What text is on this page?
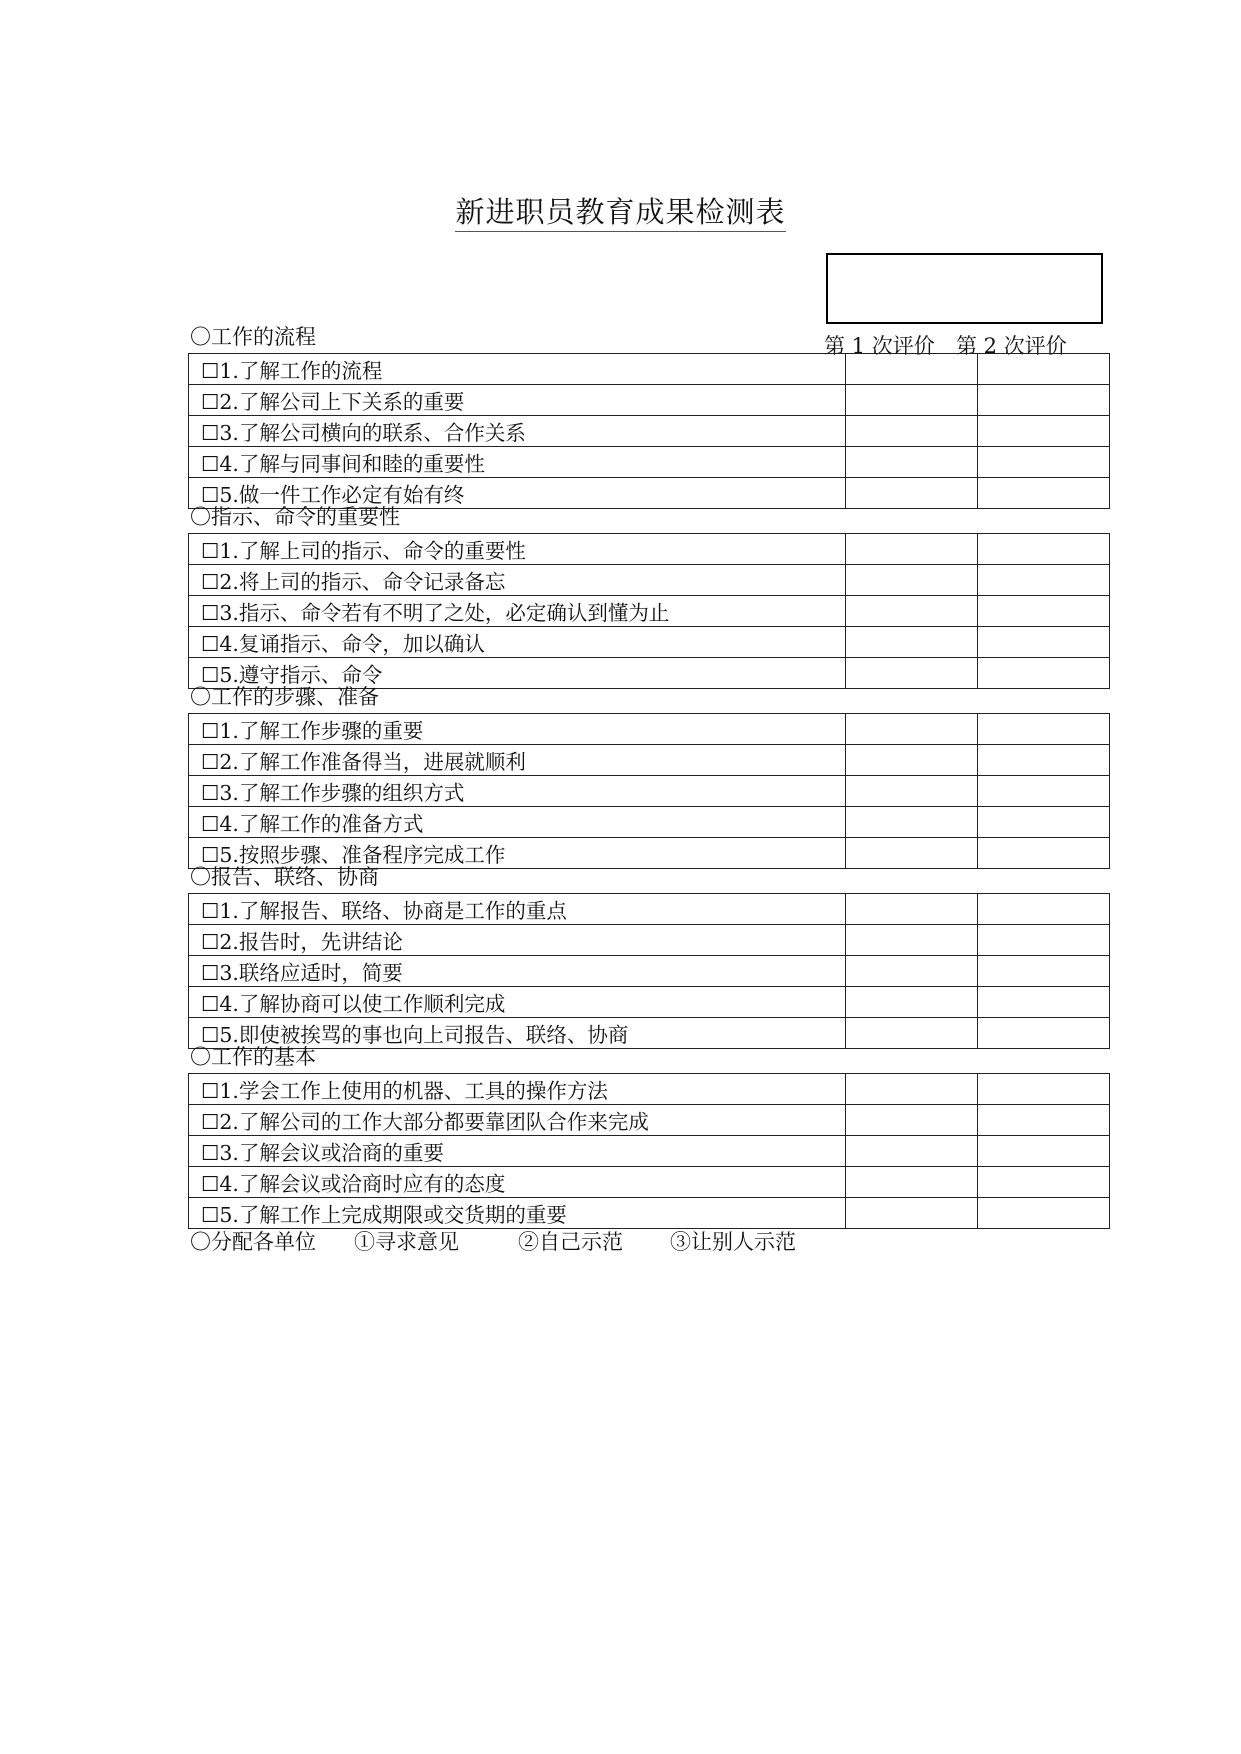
新进职员教育成果检测表
第 1 次评价 第 2 次评价
〇工作的流程
☐1.了解工作的流程		
☐2.了解公司上下关系的重要		
☐3.了解公司横向的联系、合作关系		
☐4.了解与同事间和睦的重要性		
☐5.做一件工作必定有始有终		
〇指示、命令的重要性
☐1.了解上司的指示、命令的重要性		
☐2.将上司的指示、命令记录备忘		
☐3.指示、命令若有不明了之处，必定确认到懂为止		
☐4.复诵指示、命令，加以确认		
☐5.遵守指示、命令		
〇工作的步骤、准备
☐1.了解工作步骤的重要		
☐2.了解工作准备得当，进展就顺利		
☐3.了解工作步骤的组织方式		
☐4.了解工作的准备方式		
☐5.按照步骤、准备程序完成工作		
〇报告、联络、协商
☐1.了解报告、联络、协商是工作的重点		
☐2.报告时，先讲结论		
☐3.联络应适时，简要		
☐4.了解协商可以使工作顺利完成		
☐5.即使被挨骂的事也向上司报告、联络、协商		
〇工作的基本
☐1.学会工作上使用的机器、工具的操作方法		
☐2.了解公司的工作大部分都要靠团队合作来完成		
☐3.了解会议或洽商的重要		
☐4.了解会议或洽商时应有的态度		
☐5.了解工作上完成期限或交货期的重要		
〇分配各单位 ①寻求意见	②自己示范 ③让别人示范
